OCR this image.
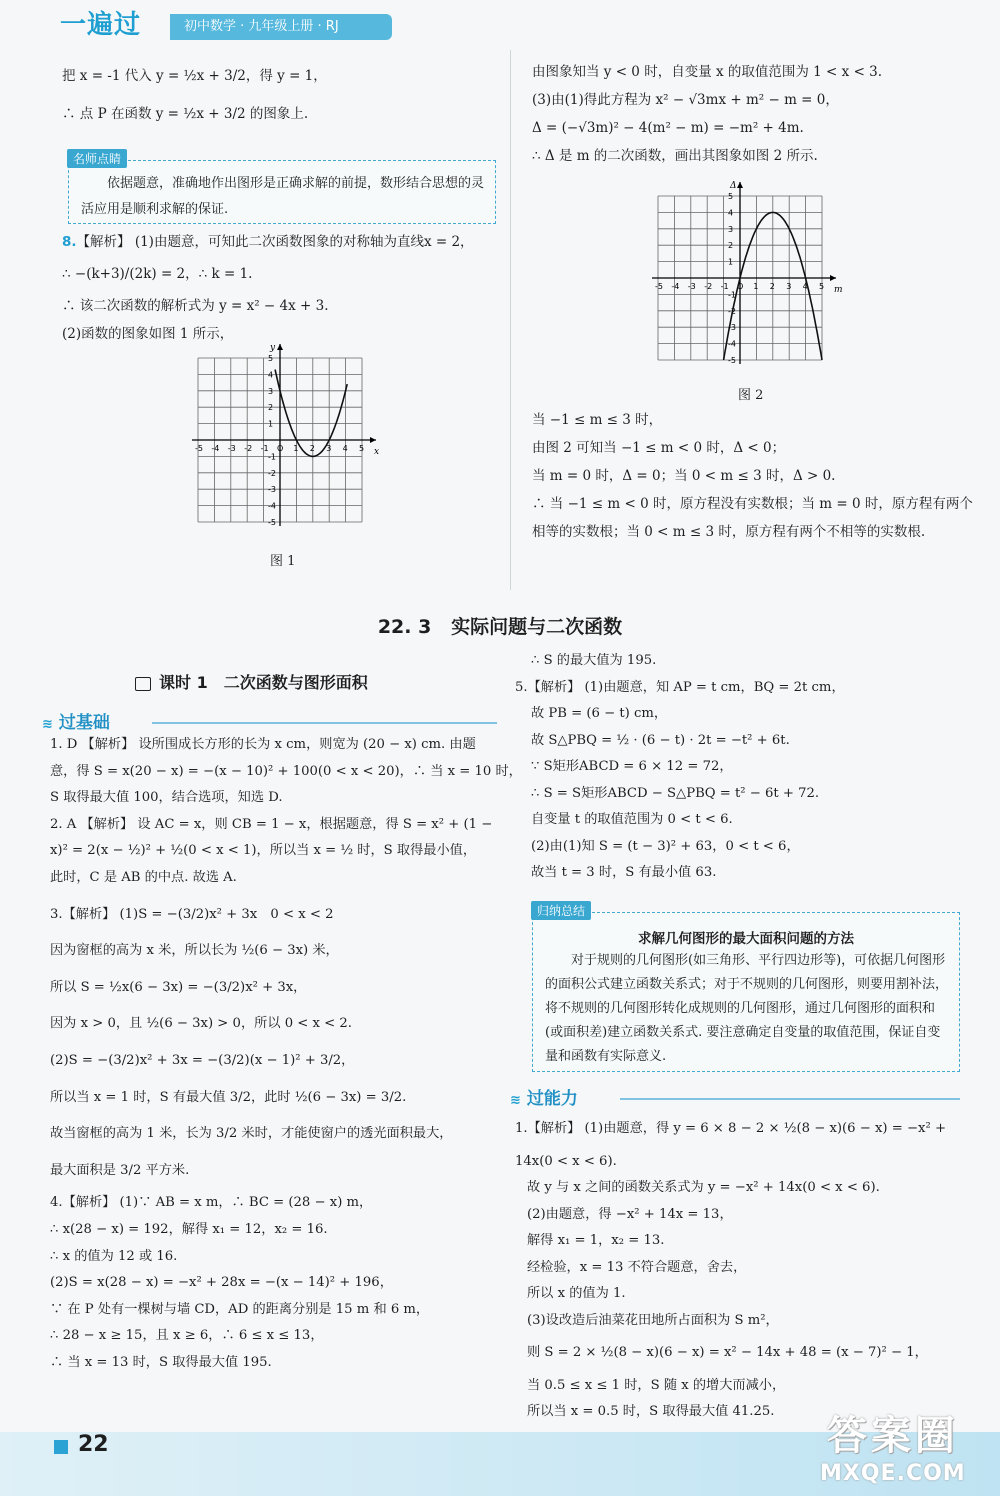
一遍过	初中数学 · 九年级上册 · RJ

把 x = -1 代入 y = ½x + 3/2，得 y = 1，

∴ 点 P 在函数 y = ½x + 3/2 的图象上.

名师点睛
依据题意，准确地作出图形是正确求解的前提，数形结合思想的灵活应用是顺利求解的保证.

8.【解析】 (1)由题意，可知此二次函数图象的对称轴为直线x = 2，

∴ −(k+3)/(2k) = 2，∴ k = 1.

∴ 该二次函数的解析式为 y = x² − 4x + 3.

(2)函数的图象如图 1 所示，

x
y
-5 -4 -3 -2 -1 O 1 2 3 4 5
5
4
3
2
1
-1
-2
-3
-4
-5
图 1

由图象知当 y < 0 时，自变量 x 的取值范围为 1 < x < 3.

(3)由(1)得此方程为 x² − √3mx + m² − m = 0，

Δ = (−√3m)² − 4(m² − m) = −m² + 4m.

∴ Δ 是 m 的二次函数，画出其图象如图 2 所示.

m
Δ
-5 -4 -3 -2 -1 O 1 2 3 4 5
5
4
3
2
1
-1
-2
-3
-4
-5
图 2

当 −1 ≤ m ≤ 3 时，

由图 2 可知当 −1 ≤ m < 0 时，Δ < 0；

当 m = 0 时，Δ = 0；当 0 < m ≤ 3 时，Δ > 0.

∴ 当 −1 ≤ m < 0 时，原方程没有实数根；当 m = 0 时，原方程有两个

相等的实数根；当 0 < m ≤ 3 时，原方程有两个不相等的实数根.

22. 3 实际问题与二次函数
课时 1　二次函数与图形面积
≋ 过基础

1. D 【解析】 设所围成长方形的长为 x cm，则宽为 (20 − x) cm. 由题

意，得 S = x(20 − x) = −(x − 10)² + 100(0 < x < 20)，∴ 当 x = 10 时，

S 取得最大值 100，结合选项，知选 D.

2. A 【解析】 设 AC = x，则 CB = 1 − x，根据题意，得 S = x² + (1 −

x)² = 2(x − ½)² + ½(0 < x < 1)，所以当 x = ½ 时，S 取得最小值，

此时，C 是 AB 的中点. 故选 A.

3.【解析】 (1)S = −(3/2)x² + 3x　0 < x < 2

因为窗框的高为 x 米，所以长为 ½(6 − 3x) 米，

所以 S = ½x(6 − 3x) = −(3/2)x² + 3x，

因为 x > 0，且 ½(6 − 3x) > 0，所以 0 < x < 2.

(2)S = −(3/2)x² + 3x = −(3/2)(x − 1)² + 3/2，

所以当 x = 1 时，S 有最大值 3/2，此时 ½(6 − 3x) = 3/2.

故当窗框的高为 1 米，长为 3/2 米时，才能使窗户的透光面积最大，

最大面积是 3/2 平方米.

4.【解析】 (1)∵ AB = x m，∴ BC = (28 − x) m，

∴ x(28 − x) = 192，解得 x₁ = 12，x₂ = 16.

∴ x 的值为 12 或 16.

(2)S = x(28 − x) = −x² + 28x = −(x − 14)² + 196，

∵ 在 P 处有一棵树与墙 CD，AD 的距离分别是 15 m 和 6 m，

∴ 28 − x ≥ 15，且 x ≥ 6，∴ 6 ≤ x ≤ 13，

∴ 当 x = 13 时，S 取得最大值 195.

∴ S 的最大值为 195.

5.【解析】 (1)由题意，知 AP = t cm，BQ = 2t cm，

故 PB = (6 − t) cm，

故 S△PBQ = ½ · (6 − t) · 2t = −t² + 6t.

∵ S矩形ABCD = 6 × 12 = 72，

∴ S = S矩形ABCD − S△PBQ = t² − 6t + 72.

自变量 t 的取值范围为 0 < t < 6.

(2)由(1)知 S = (t − 3)² + 63，0 < t < 6，

故当 t = 3 时，S 有最小值 63.

归纳总结
求解几何图形的最大面积问题的方法
对于规则的几何图形(如三角形、平行四边形等)，可依据几何图形的面积公式建立函数关系式；对于不规则的几何图形，则要用割补法，将不规则的几何图形转化成规则的几何图形，通过几何图形的面积和(或面积差)建立函数关系式. 要注意确定自变量的取值范围，保证自变量和函数有实际意义.
≋ 过能力

1.【解析】 (1)由题意，得 y = 6 × 8 − 2 × ½(8 − x)(6 − x) = −x² +

14x(0 < x < 6).

故 y 与 x 之间的函数关系式为 y = −x² + 14x(0 < x < 6).

(2)由题意，得 −x² + 14x = 13，

解得 x₁ = 1，x₂ = 13.

经检验，x = 13 不符合题意，舍去，

所以 x 的值为 1.

(3)设改造后油菜花田地所占面积为 S m²，

则 S = 2 × ½(8 − x)(6 − x) = x² − 14x + 48 = (x − 7)² − 1，

当 0.5 ≤ x ≤ 1 时，S 随 x 的增大而减小，

所以当 x = 0.5 时，S 取得最大值 41.25.

22	答案圈
MXQE.COM
